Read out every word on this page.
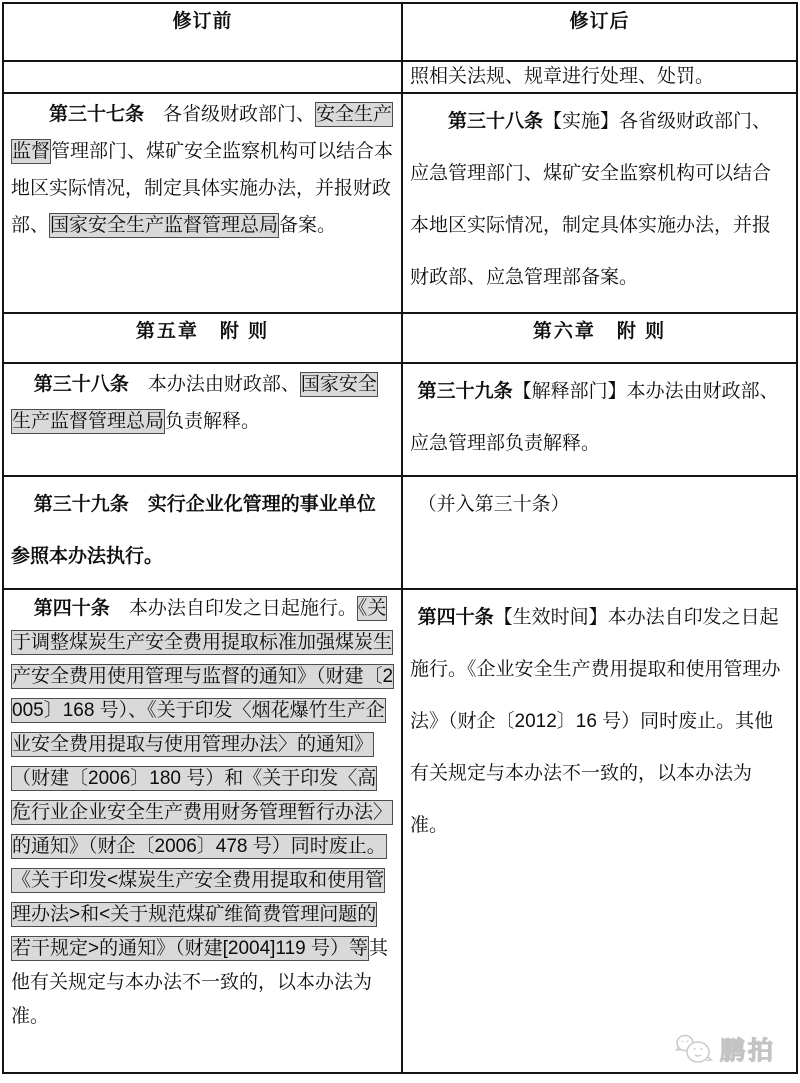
修订前	修订后
	照相关法规、规章进行处理、处罚。
第三十七条　各省级财政部门、安全生产监督管理部门、煤矿安全监察机构可以结合本地区实际情况，制定具体实施办法，并报财政部、国家安全生产监督管理总局备案。	第三十八条【实施】各省级财政部门、应急管理部门、煤矿安全监察机构可以结合本地区实际情况，制定具体实施办法，并报财政部、应急管理部备案。
第五章　附 则	第六章　附 则
第三十八条　本办法由财政部、国家安全生产监督管理总局负责解释。	第三十九条【解释部门】本办法由财政部、应急管理部负责解释。
第三十九条　实行企业化管理的事业单位参照本办法执行。	（并入第三十条）
第四十条　本办法自印发之日起施行。《关于调整煤炭生产安全费用提取标准加强煤炭生产安全费用使用管理与监督的通知》（财建〔2005〕168 号）、《关于印发〈烟花爆竹生产企业安全费用提取与使用管理办法〉的通知》（财建〔2006〕180 号）和《关于印发〈高危行业企业安全生产费用财务管理暂行办法〉的通知》（财企〔2006〕478 号）同时废止。《关于印发<煤炭生产安全费用提取和使用管理办法>和<关于规范煤矿维简费管理问题的若干规定>的通知》（财建[2004]119 号）等其他有关规定与本办法不一致的，以本办法为准。	第四十条【生效时间】本办法自印发之日起施行。《企业安全生产费用提取和使用管理办法》（财企〔2012〕16 号）同时废止。其他有关规定与本办法不一致的，以本办法为准。
鹏拍
